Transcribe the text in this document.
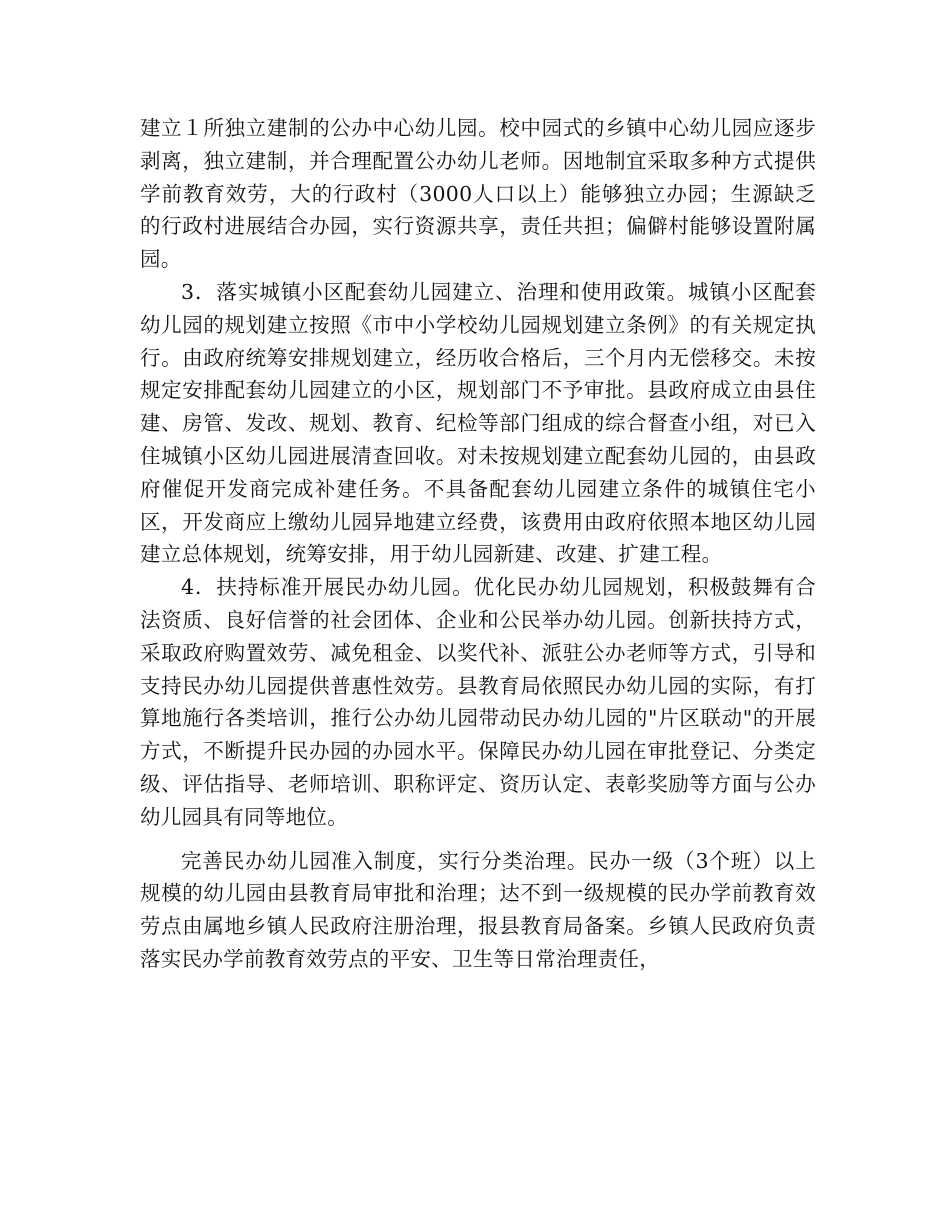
建立１所独立建制的公办中心幼儿园。校中园式的乡镇中心幼儿园应逐步剥离，独立建制，并合理配置公办幼儿老师。因地制宜采取多种方式提供学前教育效劳，大的行政村（3000人口以上）能够独立办园；生源缺乏的行政村进展结合办园，实行资源共享，责任共担；偏僻村能够设置附属园。

3．落实城镇小区配套幼儿园建立、治理和使用政策。城镇小区配套幼儿园的规划建立按照《市中小学校幼儿园规划建立条例》的有关规定执行。由政府统筹安排规划建立，经历收合格后，三个月内无偿移交。未按规定安排配套幼儿园建立的小区，规划部门不予审批。县政府成立由县住建、房管、发改、规划、教育、纪检等部门组成的综合督查小组，对已入住城镇小区幼儿园进展清查回收。对未按规划建立配套幼儿园的，由县政府催促开发商完成补建任务。不具备配套幼儿园建立条件的城镇住宅小区，开发商应上缴幼儿园异地建立经费，该费用由政府依照本地区幼儿园建立总体规划，统筹安排，用于幼儿园新建、改建、扩建工程。

4．扶持标准开展民办幼儿园。优化民办幼儿园规划，积极鼓舞有合法资质、良好信誉的社会团体、企业和公民举办幼儿园。创新扶持方式，采取政府购置效劳、减免租金、以奖代补、派驻公办老师等方式，引导和支持民办幼儿园提供普惠性效劳。县教育局依照民办幼儿园的实际，有打算地施行各类培训，推行公办幼儿园带动民办幼儿园的"片区联动"的开展方式，不断提升民办园的办园水平。保障民办幼儿园在审批登记、分类定级、评估指导、老师培训、职称评定、资历认定、表彰奖励等方面与公办幼儿园具有同等地位。

完善民办幼儿园准入制度，实行分类治理。民办一级（3个班）以上规模的幼儿园由县教育局审批和治理；达不到一级规模的民办学前教育效劳点由属地乡镇人民政府注册治理，报县教育局备案。乡镇人民政府负责落实民办学前教育效劳点的平安、卫生等日常治理责任，
